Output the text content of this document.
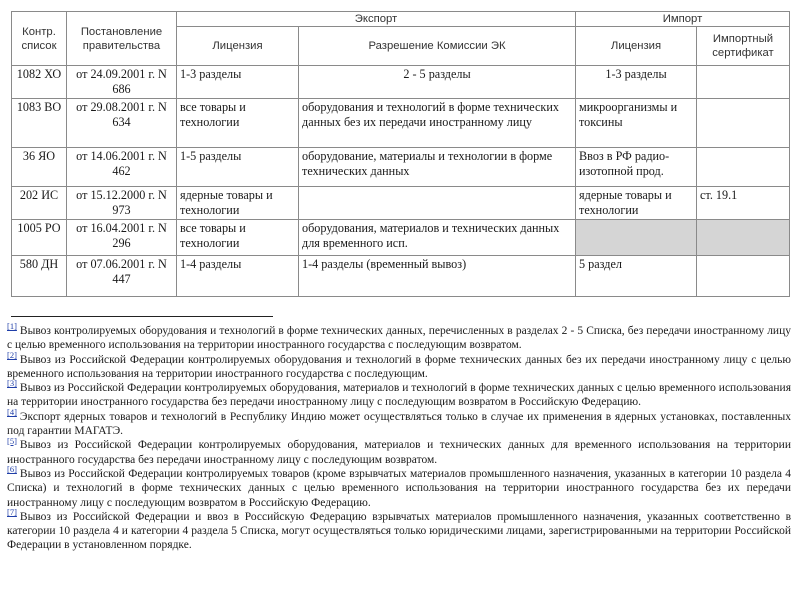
Контр. список	Постановление правительства	Экспорт		Импорт	
		Лицензия	Разрешение Комиссии ЭК	Лицензия	Импортный сертификат
1082 ХО	от 24.09.2001 г. N 686	1-3 разделы	2 - 5 разделы	1-3 разделы	
1083 ВО	от 29.08.2001 г. N 634	все товары и технологии	оборудования и технологий в форме технических данных без их передачи иностранному лицу	микроорганизмы и токсины	
36 ЯО	от 14.06.2001 г. N 462	1-5 разделы	оборудование, материалы и технологии в форме технических данных	Ввоз в РФ радио-изотопной прод.	
202 ИС	от 15.12.2000 г. N 973	ядерные товары и технологии		ядерные товары и технологии	ст. 19.1
1005 РО	от 16.04.2001 г. N 296	все товары и технологии	оборудования, материалов и технических данных для временного исп.		
580 ДН	от 07.06.2001 г. N 447	1-4 разделы	1-4 разделы (временный вывоз)	5 раздел	

[1] Вывоз контролируемых оборудования и технологий в форме технических данных, перечисленных в разделах 2 - 5 Списка, без передачи иностранному лицу с целью временного использования на территории иностранного государства с последующим возвратом.

[2] Вывоз из Российской Федерации контролируемых оборудования и технологий в форме технических данных без их передачи иностранному лицу с целью временного использования на территории иностранного государства с последующим.

[3] Вывоз из Российской Федерации контролируемых оборудования, материалов и технологий в форме технических данных с целью временного использования на территории иностранного государства без передачи иностранному лицу с последующим возвратом в Российскую Федерацию.

[4] Экспорт ядерных товаров и технологий в Республику Индию может осуществляться только в случае их применения в ядерных установках, поставленных под гарантии МАГАТЭ.

[5] Вывоз из Российской Федерации контролируемых оборудования, материалов и технических данных для временного использования на территории иностранного государства без передачи иностранному лицу с последующим возвратом.

[6] Вывоз из Российской Федерации контролируемых товаров (кроме взрывчатых материалов промышленного назначения, указанных в категории 10 раздела 4 Списка) и технологий в форме технических данных с целью временного использования на территории иностранного государства без их передачи иностранному лицу с последующим возвратом в Российскую Федерацию.

[7] Вывоз из Российской Федерации и ввоз в Российскую Федерацию взрывчатых материалов промышленного назначения, указанных соответственно в категории 10 раздела 4 и категории 4 раздела 5 Списка, могут осуществляться только юридическими лицами, зарегистрированными на территории Российской Федерации в установленном порядке.
